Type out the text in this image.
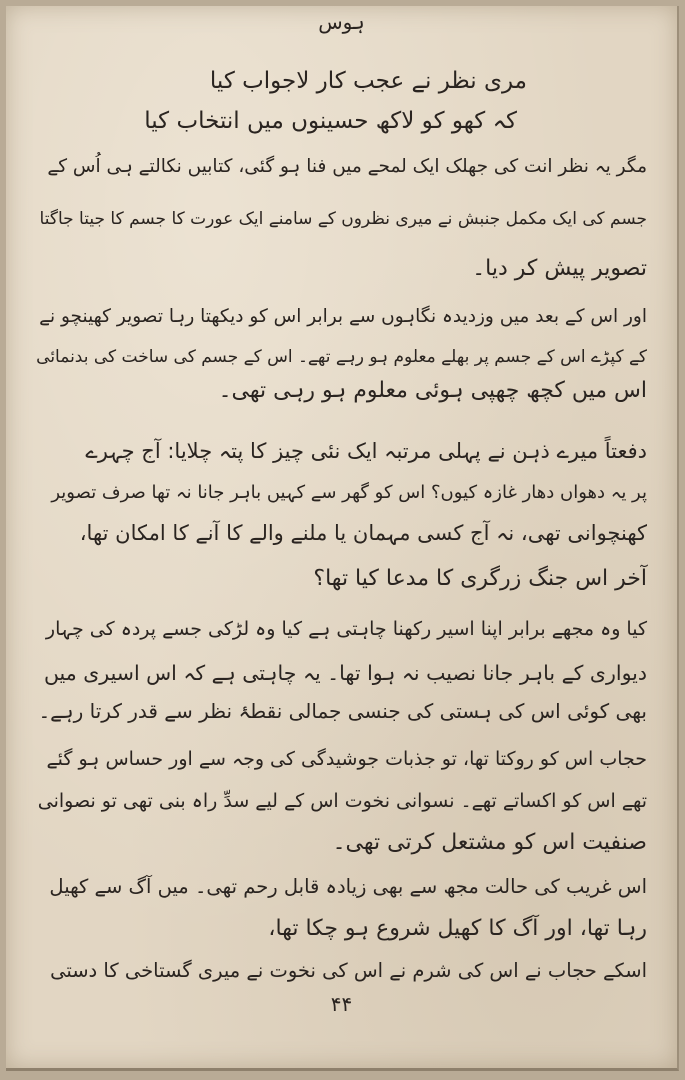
ہوس
مری نظر نے عجب کار لاجواب کیا
کہ کھو کو لاکھ حسینوں میں انتخاب کیا
مگر یہ نظر انت کی جھلک ایک لمحے میں فنا ہو گئی، کتابیں نکالتے ہی اُس کے
جسم کی ایک مکمل جنبش نے میری نظروں کے سامنے ایک عورت کا جسم کا جیتا جاگتا
تصویر پیش کر دیا۔
اور اس کے بعد میں وزدیدہ نگاہوں سے برابر اس کو دیکھتا رہا تصویر کھینچو نے
کے کپڑے اس کے جسم پر بھلے معلوم ہو رہے تھے۔ اس کے جسم کی ساخت کی بدنمائی
اس میں کچھ چھپی ہوئی معلوم ہو رہی تھی۔
دفعتاً میرے ذہن نے پہلی مرتبہ ایک نئی چیز کا پتہ چلایا: آج چہرے
پر یہ دھواں دھار غازہ کیوں؟ اس کو گھر سے کہیں باہر جانا نہ تھا صرف تصویر
کھنچوانی تھی، نہ آج کسی مہمان یا ملنے والے کا آنے کا امکان تھا،
آخر اس جنگ زرگری کا مدعا کیا تھا؟
کیا وہ مجھے برابر اپنا اسیر رکھنا چاہتی ہے کیا وہ لڑکی جسے پردہ کی چہار
دیواری کے باہر جانا نصیب نہ ہوا تھا۔ یہ چاہتی ہے کہ اس اسیری میں
بھی کوئی اس کی ہستی کی جنسی جمالی نقطۂ نظر سے قدر کرتا رہے۔
حجاب اس کو روکتا تھا، تو جذبات جوشیدگی کی وجہ سے اور حساس ہو گئے
تھے اس کو اکساتے تھے۔ نسوانی نخوت اس کے لیے سدِّ راہ بنی تھی تو نصوانی
صنفیت اس کو مشتعل کرتی تھی۔
اس غریب کی حالت مجھ سے بھی زیادہ قابل رحم تھی۔ میں آگ سے کھیل
رہا تھا، اور آگ کا کھیل شروع ہو چکا تھا،
اسکے حجاب نے اس کی شرم نے اس کی نخوت نے میری گستاخی کا دستی
۴۴
